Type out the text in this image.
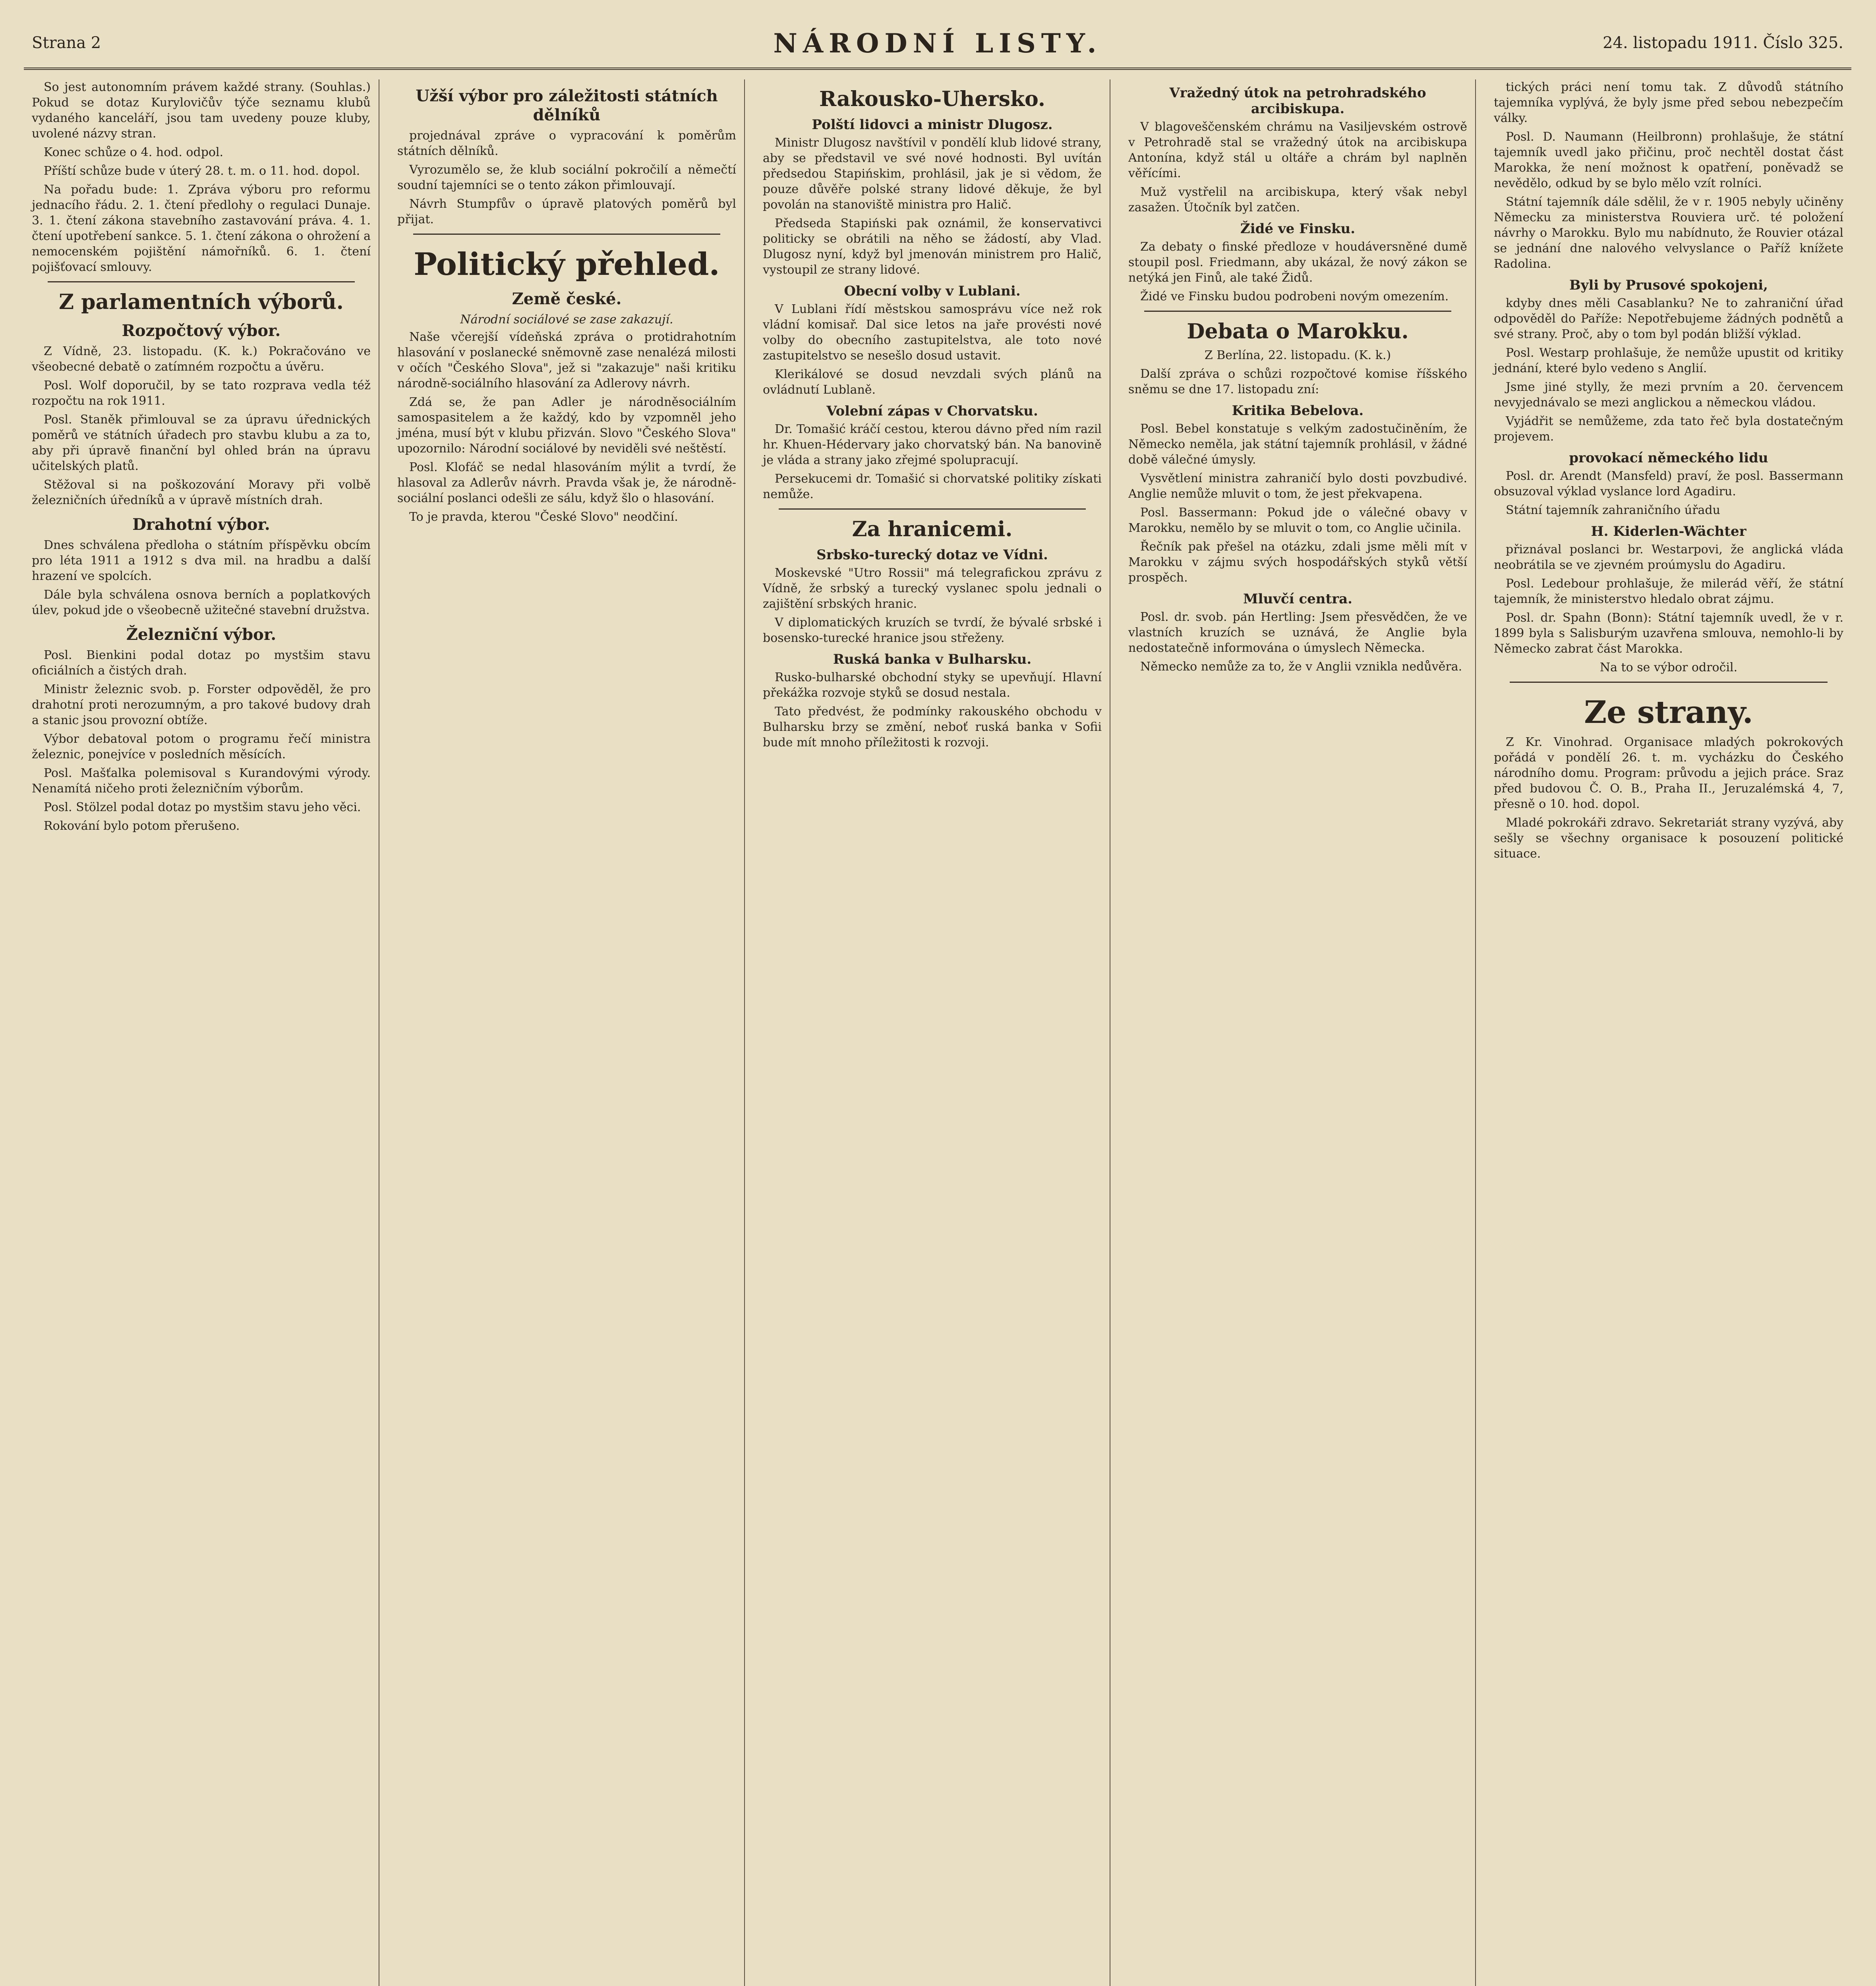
Strana 2	NÁRODNÍ LISTY.	24. listopadu 1911. Číslo 325.

So jest autonomním právem každé strany. (Souhlas.) Pokud se dotaz Kurylovičův týče seznamu klubů vydaného kanceláří, jsou tam uvedeny pouze kluby, uvolené názvy stran.

Konec schůze o 4. hod. odpol.

Příští schůze bude v úterý 28. t. m. o 11. hod. dopol.

Na pořadu bude: 1. Zpráva výboru pro reformu jednacího řádu. 2. 1. čtení předlohy o regulaci Dunaje. 3. 1. čtení zákona stavebního zastavování práva. 4. 1. čtení upotřebení sankce. 5. 1. čtení zákona o ohrožení a nemocenském pojištění námořníků. 6. 1. čtení pojišťovací smlouvy.

Z parlamentních výborů.
Rozpočtový výbor.

Z Vídně, 23. listopadu. (K. k.) Pokračováno ve všeobecné debatě o zatímném rozpočtu a úvěru.

Posl. Wolf doporučil, by se tato rozprava vedla též rozpočtu na rok 1911.

Posl. Staněk přimlouval se za úpravu úřednických poměrů ve státních úřadech pro stavbu klubu a za to, aby při úpravě finanční byl ohled brán na úpravu učitelských platů.

Stěžoval si na poškozování Moravy při volbě železničních úředníků a v úpravě místních drah.

Drahotní výbor.

Dnes schválena předloha o státním příspěvku obcím pro léta 1911 a 1912 s dva mil. na hradbu a další hrazení ve spolcích.

Dále byla schválena osnova berních a poplatkových úlev, pokud jde o všeobecně užitečné stavební družstva.

Železniční výbor.

Posl. Bienkini podal dotaz po mystšim stavu oficiálních a čistých drah.

Ministr železnic svob. p. Forster odpověděl, že pro drahotní proti nerozumným, a pro takové budovy drah a stanic jsou provozní obtíže.

Výbor debatoval potom o programu řečí ministra železnic, ponejvíce v posledních měsících.

Posl. Mašťalka polemisoval s Kurandovými výrody. Nenamítá ničeho proti železničním výborům.

Posl. Stölzel podal dotaz po mystšim stavu jeho věci.

Rokování bylo potom přerušeno.

Užší výbor pro záležitosti státních dělníků

projednával zpráve o vypracování k poměrům státních dělníků.

Vyrozumělo se, že klub sociální pokročilí a němečtí soudní tajemníci se o tento zákon přimlouvají.

Návrh Stumpfův o úpravě platových poměrů byl přijat.

Politický přehled.
Země české.
Národní sociálové se zase zakazují.

Naše včerejší vídeňská zpráva o protidrahotním hlasování v poslanecké sněmovně zase nenalézá milosti v očích "Českého Slova", jež si "zakazuje" naši kritiku národně-sociálního hlasování za Adlerovy návrh.

Zdá se, že pan Adler je národněsociálním samospasitelem a že každý, kdo by vzpomněl jeho jména, musí být v klubu přizván. Slovo "Českého Slova" upozornilo: Národní sociálové by neviděli své neštěstí.

Posl. Klofáč se nedal hlasováním mýlit a tvrdí, že hlasoval za Adlerův návrh. Pravda však je, že národně-sociální poslanci odešli ze sálu, když šlo o hlasování.

To je pravda, kterou "České Slovo" neodčiní.

Rakousko-Uhersko.
Polští lidovci a ministr Dlugosz.

Ministr Dlugosz navštívil v pondělí klub lidové strany, aby se představil ve své nové hodnosti. Byl uvítán předsedou Stapińskim, prohlásil, jak je si vědom, že pouze důvěře polské strany lidové děkuje, že byl povolán na stanoviště ministra pro Halič.

Předseda Stapiński pak oznámil, že konservativci politicky se obrátili na něho se žádostí, aby Vlad. Dlugosz nyní, když byl jmenován ministrem pro Halič, vystoupil ze strany lidové.

Obecní volby v Lublani.

V Lublani řídí městskou samosprávu více než rok vládní komisař. Dal sice letos na jaře provésti nové volby do obecního zastupitelstva, ale toto nové zastupitelstvo se nesešlo dosud ustavit.

Klerikálové se dosud nevzdali svých plánů na ovládnutí Lublaně.

Volební zápas v Chorvatsku.

Dr. Tomašić kráčí cestou, kterou dávno před ním razil hr. Khuen-Hédervary jako chorvatský bán. Na banovině je vláda a strany jako zřejmé spolupracují.

Persekucemi dr. Tomašić si chorvatské politiky získati nemůže.

Za hranicemi.
Srbsko-turecký dotaz ve Vídni.

Moskevské "Utro Rossii" má telegrafickou zprávu z Vídně, že srbský a turecký vyslanec spolu jednali o zajištění srbských hranic.

V diplomatických kruzích se tvrdí, že bývalé srbské i bosensko-turecké hranice jsou střeženy.

Ruská banka v Bulharsku.

Rusko-bulharské obchodní styky se upevňují. Hlavní překážka rozvoje styků se dosud nestala.

Tato předvést, že podmínky rakouského obchodu v Bulharsku brzy se změní, neboť ruská banka v Sofii bude mít mnoho příležitosti k rozvoji.

Vražedný útok na petrohradského arcibiskupa.

V blagoveščenském chrámu na Vasiljevském ostrově v Petrohradě stal se vražedný útok na arcibiskupa Antonína, když stál u oltáře a chrám byl naplněn věřícími.

Muž vystřelil na arcibiskupa, který však nebyl zasažen. Útočník byl zatčen.

Židé ve Finsku.

Za debaty o finské předloze v houdáversněné dumě stoupil posl. Friedmann, aby ukázal, že nový zákon se netýká jen Finů, ale také Židů.

Židé ve Finsku budou podrobeni novým omezením.

Debata o Marokku.

Z Berlína, 22. listopadu. (K. k.)

Další zpráva o schůzi rozpočtové komise říšského sněmu se dne 17. listopadu zní:

Kritika Bebelova.

Posl. Bebel konstatuje s velkým zadostučiněním, že Německo neměla, jak státní tajemník prohlásil, v žádné době válečné úmysly.

Vysvětlení ministra zahraničí bylo dosti povzbudivé. Anglie nemůže mluvit o tom, že jest překvapena.

Posl. Bassermann: Pokud jde o válečné obavy v Marokku, nemělo by se mluvit o tom, co Anglie učinila.

Řečník pak přešel na otázku, zdali jsme měli mít v Marokku v zájmu svých hospodářských styků větší prospěch.

Mluvčí centra.

Posl. dr. svob. pán Hertling: Jsem přesvědčen, že ve vlastních kruzích se uznává, že Anglie byla nedostatečně informována o úmyslech Německa.

Německo nemůže za to, že v Anglii vznikla nedůvěra.

tických práci není tomu tak. Z důvodů státního tajemníka vyplývá, že byly jsme před sebou nebezpečím války.

Posl. D. Naumann (Heilbronn) prohlašuje, že státní tajemník uvedl jako přičinu, proč nechtěl dostat část Marokka, že není možnost k opatření, poněvadž se nevědělo, odkud by se bylo mělo vzít rolníci.

Státní tajemník dále sdělil, že v r. 1905 nebyly učiněny Německu za ministerstva Rouviera urč. té položení návrhy o Marokku. Bylo mu nabídnuto, že Rouvier otázal se jednání dne nalového velvyslance o Paříž knížete Radolina.

Byli by Prusové spokojeni,

kdyby dnes měli Casablanku? Ne to zahraniční úřad odpověděl do Paříže: Nepotřebujeme žádných podnětů a své strany. Proč, aby o tom byl podán bližší výklad.

Posl. Westarp prohlašuje, že nemůže upustit od kritiky jednání, které bylo vedeno s Anglií.

Jsme jiné stylly, že mezi prvním a 20. červencem nevyjednávalo se mezi anglickou a německou vládou.

Vyjádřit se nemůžeme, zda tato řeč byla dostatečným projevem.

provokací německého lidu

Posl. dr. Arendt (Mansfeld) praví, že posl. Bassermann obsuzoval výklad vyslance lord Agadiru.

Státní tajemník zahraničního úřadu

H. Kiderlen-Wächter

přiznával poslanci br. Westarpovi, že anglická vláda neobrátila se ve zjevném proúmyslu do Agadiru.

Posl. Ledebour prohlašuje, že milerád věří, že státní tajemník, že ministerstvo hledalo obrat zájmu.

Posl. dr. Spahn (Bonn): Státní tajemník uvedl, že v r. 1899 byla s Salisburým uzavřena smlouva, nemohlo-li by Německo zabrat část Marokka.

Na to se výbor odročil.

Ze strany.

Z Kr. Vinohrad. Organisace mladých pokrokových pořádá v pondělí 26. t. m. vycházku do Českého národního domu. Program: průvodu a jejich práce. Sraz před budovou Č. O. B., Praha II., Jeruzalémská 4, 7, přesně o 10. hod. dopol.

Mladé pokrokáři zdravo. Sekretariát strany vyzývá, aby sešly se všechny organisace k posouzení politické situace.
